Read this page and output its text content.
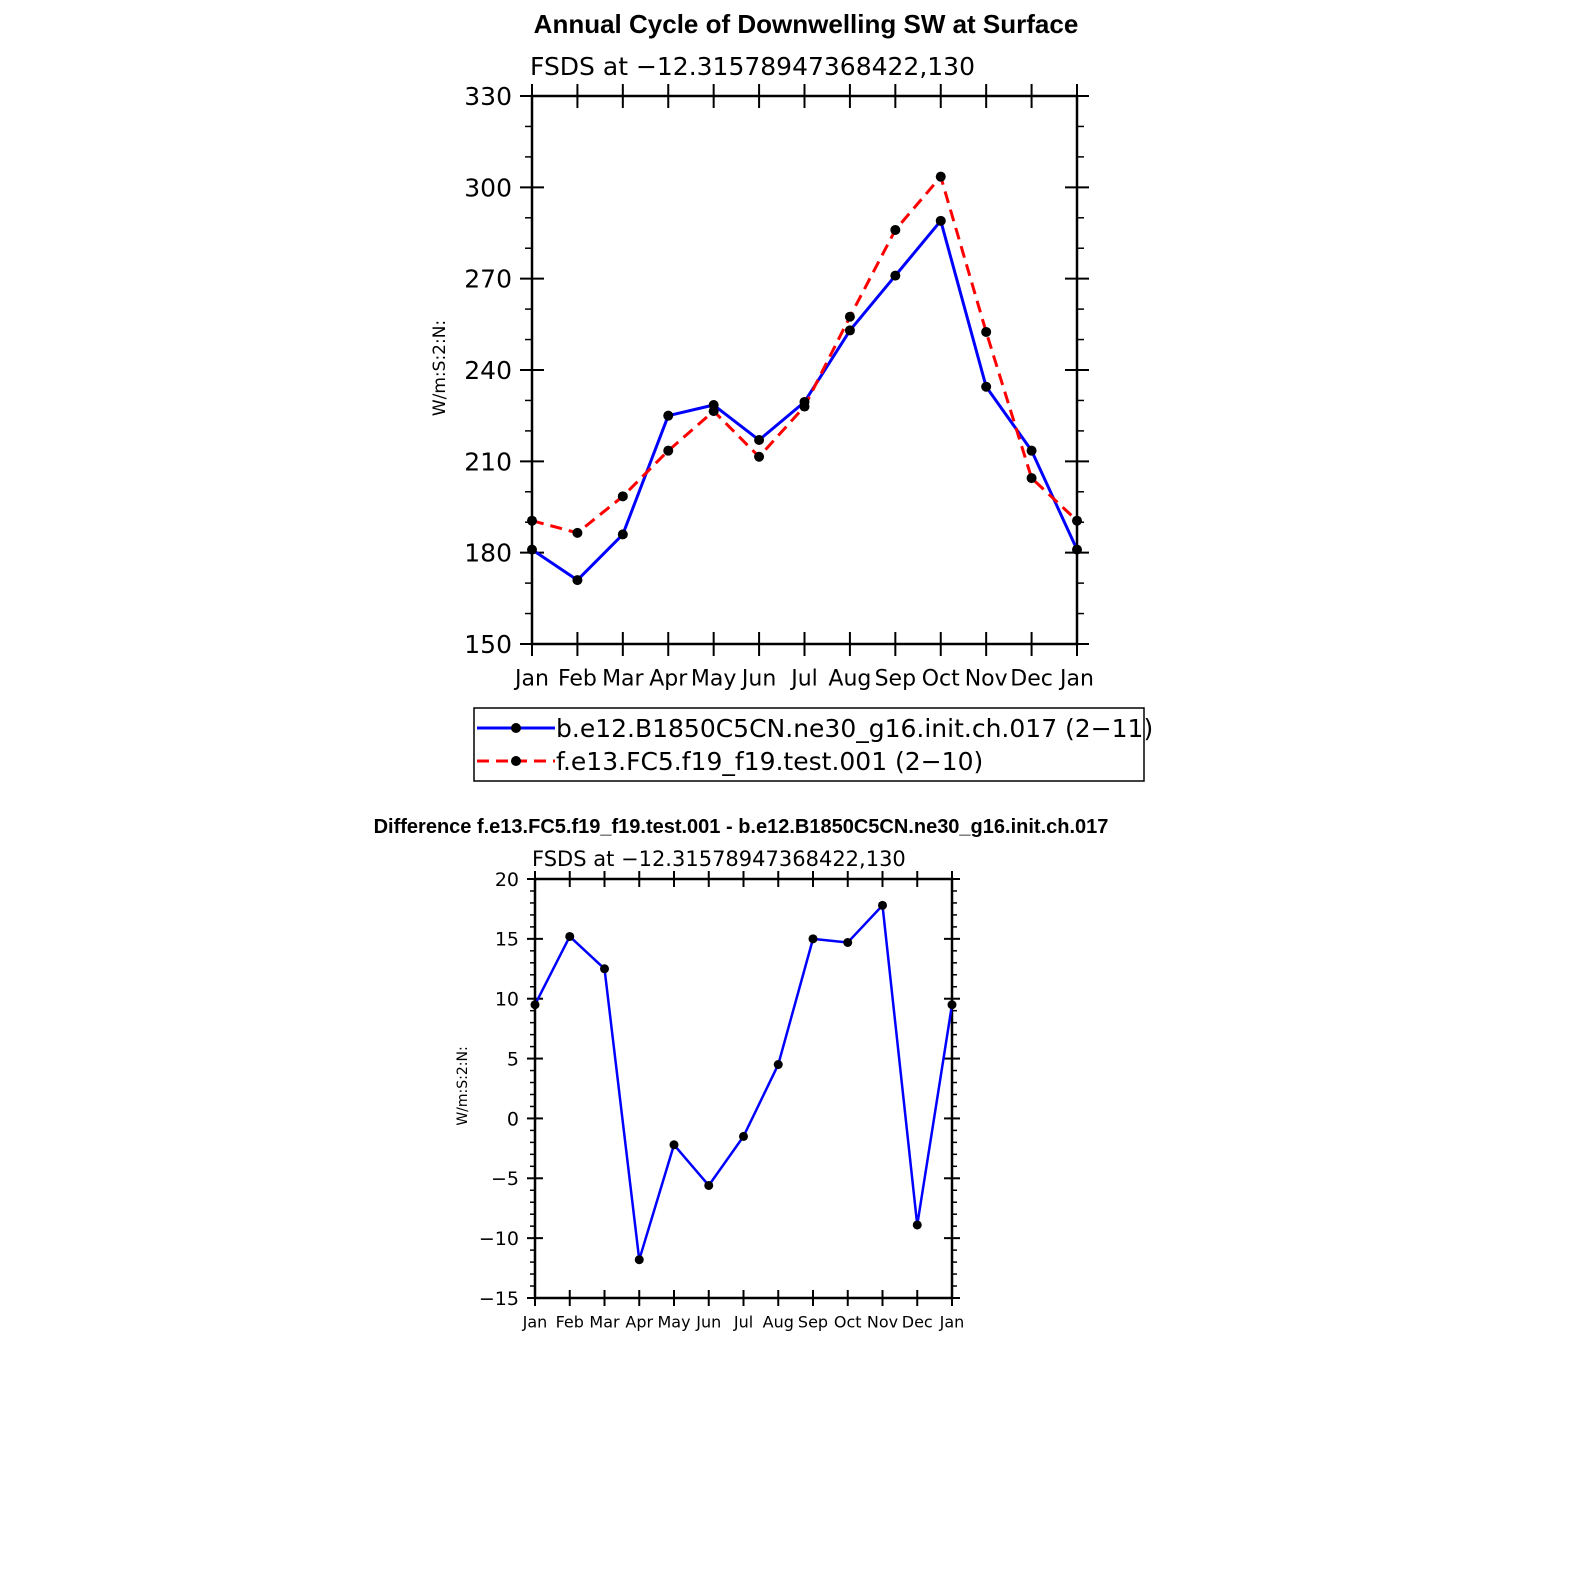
Annual Cycle of Downwelling SW at Surface
FSDS at −12.31578947368422,130
W/m:S:2:N:
150
180
210
240
270
300
330
Jan Feb Mar Apr May Jun Jul Aug Sep Oct Nov Dec Jan
b.e12.B1850C5CN.ne30_g16.init.ch.017 (2−11)
f.e13.FC5.f19_f19.test.001 (2−10)
Difference f.e13.FC5.f19_f19.test.001 - b.e12.B1850C5CN.ne30_g16.init.ch.017
FSDS at −12.31578947368422,130
W/m:S:2:N:
−15
−10
−5
0
5
10
15
20
Jan Feb Mar Apr May Jun Jul Aug Sep Oct Nov Dec Jan
